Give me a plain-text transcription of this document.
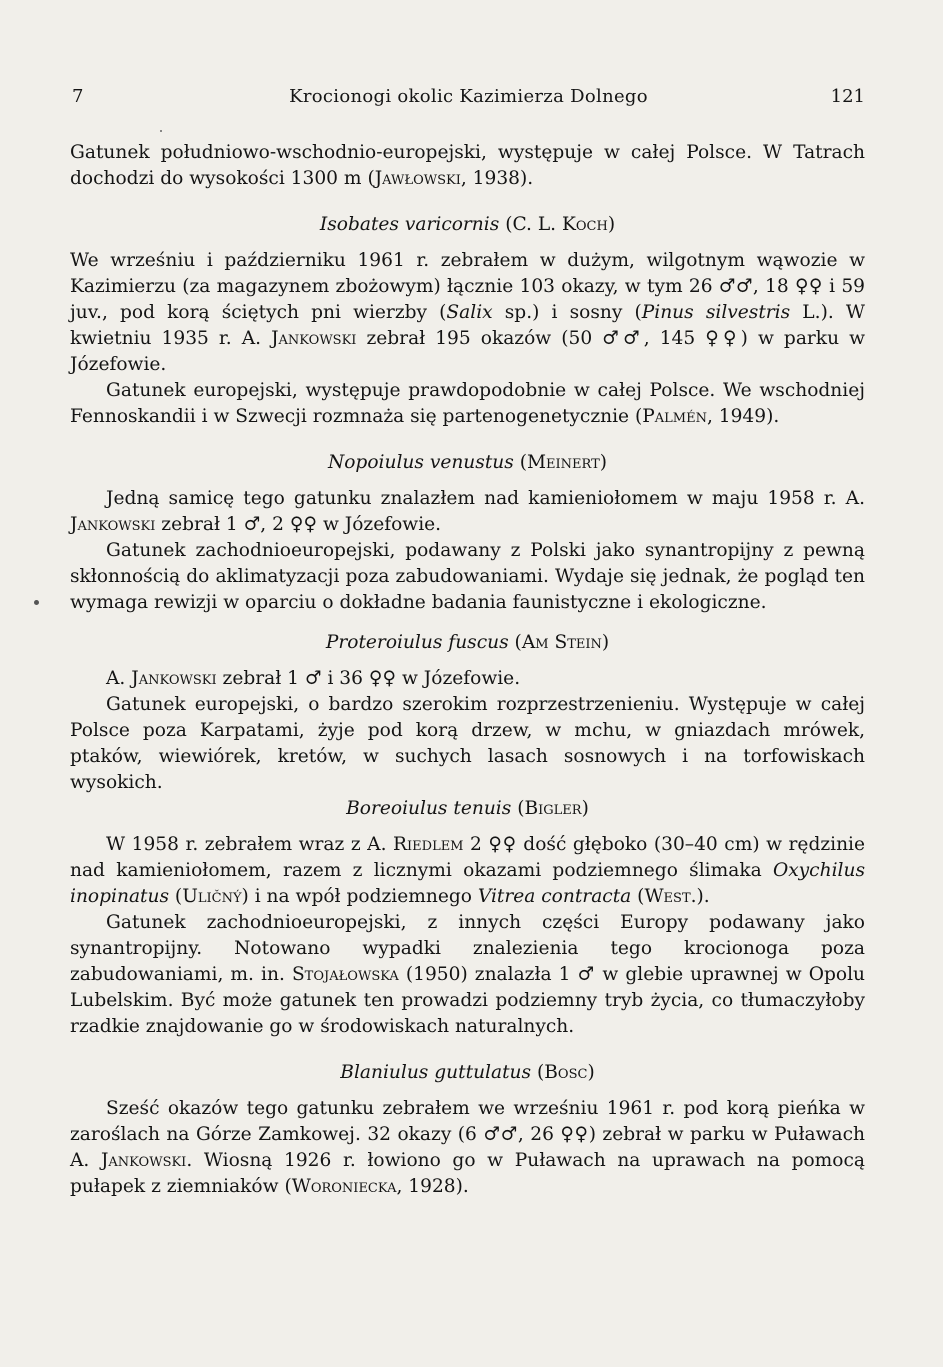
7	Krocionogi okolic Kazimierza Dolnego	121

Gatunek południowo-wschodnio-europejski, występuje w całej Polsce. W Tatrach dochodzi do wysokości 1300 m (Jawłowski, 1938).

Isobates varicornis (C. L. Koch)

We wrześniu i październiku 1961 r. zebrałem w dużym, wilgotnym wąwozie w Kazimierzu (za magazynem zbożowym) łącznie 103 okazy, w tym 26 ♂♂, 18 ♀♀ i 59 juv., pod korą ściętych pni wierzby (Salix sp.) i sosny (Pinus silvestris L.). W kwietniu 1935 r. A. Jankowski zebrał 195 okazów (50 ♂♂, 145 ♀♀) w parku w Józefowie.

Gatunek europejski, występuje prawdopodobnie w całej Polsce. We wschodniej Fennoskandii i w Szwecji rozmnaża się partenogenetycznie (Palmén, 1949).

Nopoiulus venustus (Meinert)

Jedną samicę tego gatunku znalazłem nad kamieniołomem w maju 1958 r. A. Jankowski zebrał 1 ♂, 2 ♀♀ w Józefowie.

Gatunek zachodnioeuropejski, podawany z Polski jako synantropijny z pewną skłonnością do aklimatyzacji poza zabudowaniami. Wydaje się jednak, że pogląd ten wymaga rewizji w oparciu o dokładne badania faunistyczne i ekologiczne.

Proteroiulus fuscus (Am Stein)

A. Jankowski zebrał 1 ♂ i 36 ♀♀ w Józefowie.

Gatunek europejski, o bardzo szerokim rozprzestrzenieniu. Występuje w całej Polsce poza Karpatami, żyje pod korą drzew, w mchu, w gniazdach mrówek, ptaków, wiewiórek, kretów, w suchych lasach sosnowych i na torfowiskach wysokich.

Boreoiulus tenuis (Bigler)

W 1958 r. zebrałem wraz z A. Riedlem 2 ♀♀ dość głęboko (30–40 cm) w rędzinie nad kamieniołomem, razem z licznymi okazami podziemnego ślimaka Oxychilus inopinatus (Uličný) i na wpół podziemnego Vitrea contracta (West.).

Gatunek zachodnioeuropejski, z innych części Europy podawany jako synantropijny. Notowano wypadki znalezienia tego krocionoga poza zabudowaniami, m. in. Stojałowska (1950) znalazła 1 ♂ w glebie uprawnej w Opolu Lubelskim. Być może gatunek ten prowadzi podziemny tryb życia, co tłumaczyłoby rzadkie znajdowanie go w środowiskach naturalnych.

Blaniulus guttulatus (Bosc)

Sześć okazów tego gatunku zebrałem we wrześniu 1961 r. pod korą pieńka w zaroślach na Górze Zamkowej. 32 okazy (6 ♂♂, 26 ♀♀) zebrał w parku w Puławach A. Jankowski. Wiosną 1926 r. łowiono go w Puławach na uprawach na pomocą pułapek z ziemniaków (Woroniecka, 1928).
